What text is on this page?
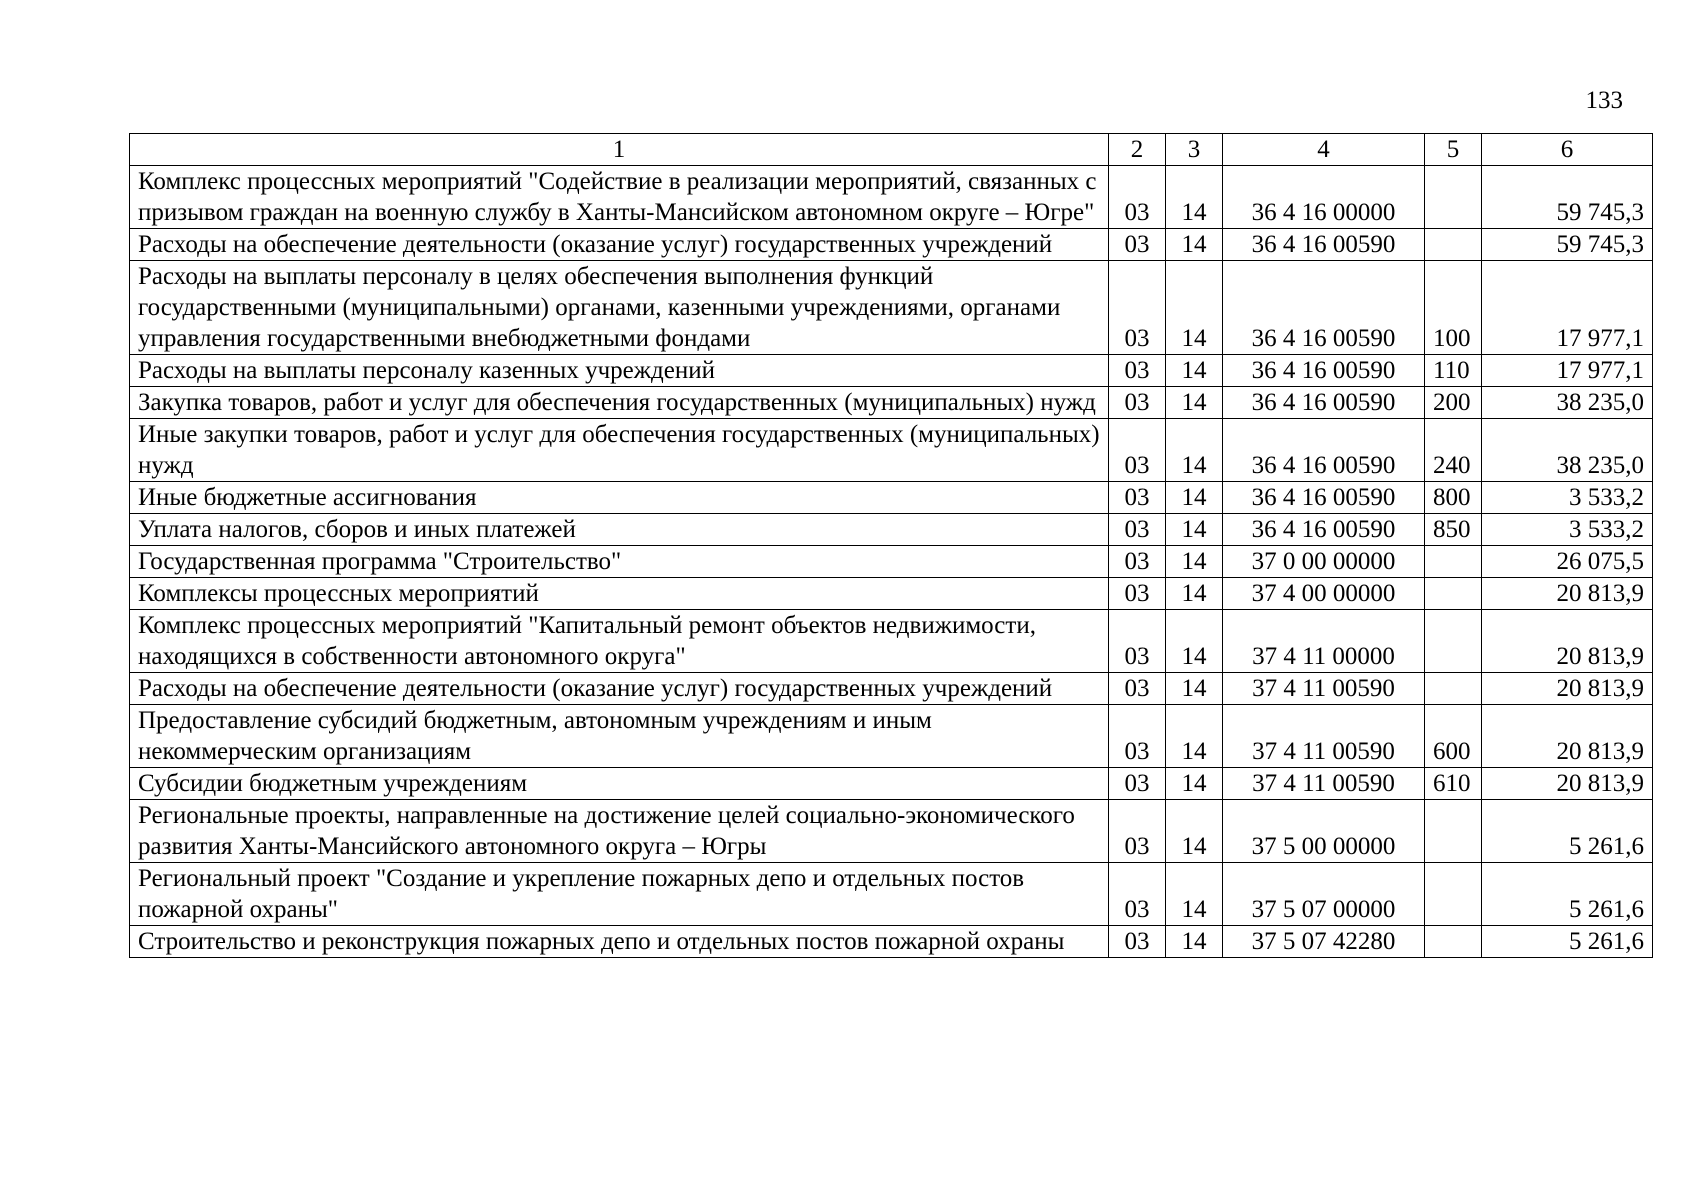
133
1	2	3	4	5	6
Комплекс процессных мероприятий "Содействие в реализации мероприятий, связанных с призывом граждан на военную службу в Ханты-Мансийском автономном округе – Югре"	03	14	36 4 16 00000		59 745,3
Расходы на обеспечение деятельности (оказание услуг) государственных учреждений	03	14	36 4 16 00590		59 745,3
Расходы на выплаты персоналу в целях обеспечения выполнения функций государственными (муниципальными) органами, казенными учреждениями, органами управления государственными внебюджетными фондами	03	14	36 4 16 00590	100	17 977,1
Расходы на выплаты персоналу казенных учреждений	03	14	36 4 16 00590	110	17 977,1
Закупка товаров, работ и услуг для обеспечения государственных (муниципальных) нужд	03	14	36 4 16 00590	200	38 235,0
Иные закупки товаров, работ и услуг для обеспечения государственных (муниципальных) нужд	03	14	36 4 16 00590	240	38 235,0
Иные бюджетные ассигнования	03	14	36 4 16 00590	800	3 533,2
Уплата налогов, сборов и иных платежей	03	14	36 4 16 00590	850	3 533,2
Государственная программа "Строительство"	03	14	37 0 00 00000		26 075,5
Комплексы процессных мероприятий	03	14	37 4 00 00000		20 813,9
Комплекс процессных мероприятий "Капитальный ремонт объектов недвижимости, находящихся в собственности автономного округа"	03	14	37 4 11 00000		20 813,9
Расходы на обеспечение деятельности (оказание услуг) государственных учреждений	03	14	37 4 11 00590		20 813,9
Предоставление субсидий бюджетным, автономным учреждениям и иным некоммерческим организациям	03	14	37 4 11 00590	600	20 813,9
Субсидии бюджетным учреждениям	03	14	37 4 11 00590	610	20 813,9
Региональные проекты, направленные на достижение целей социально-экономического развития Ханты-Мансийского автономного округа – Югры	03	14	37 5 00 00000		5 261,6
Региональный проект "Создание и укрепление пожарных депо и отдельных постов пожарной охраны"	03	14	37 5 07 00000		5 261,6
Строительство и реконструкция пожарных депо и отдельных постов пожарной охраны	03	14	37 5 07 42280		5 261,6
